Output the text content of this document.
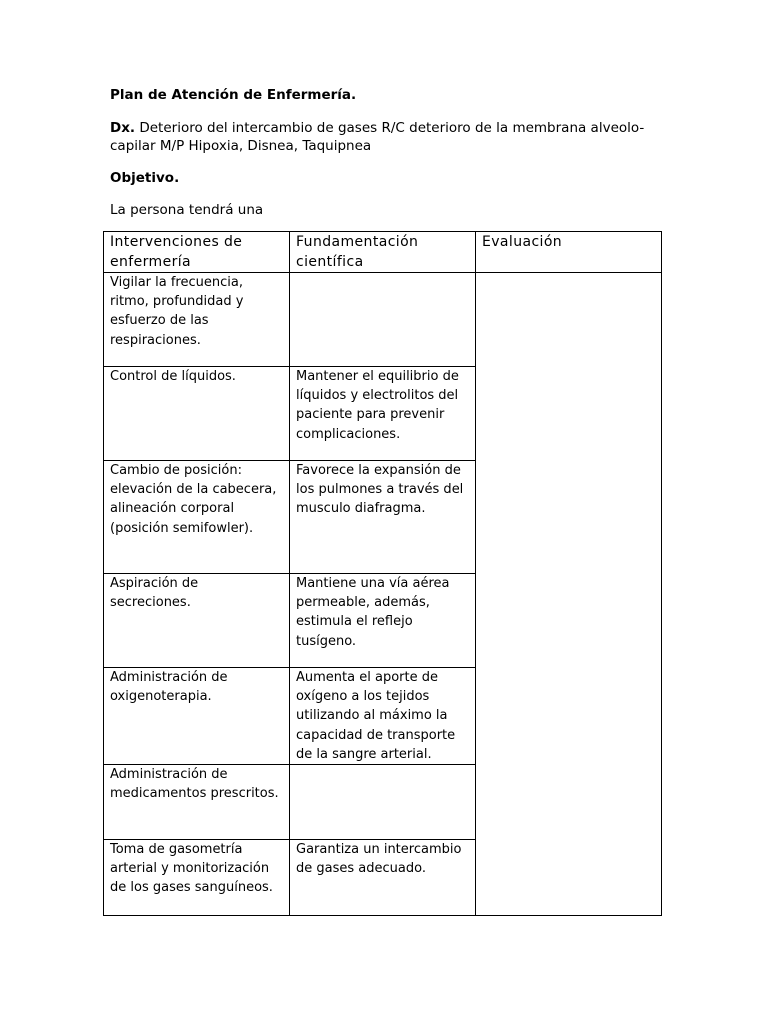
Plan de Atención de Enfermería.
Dx. Deterioro del intercambio de gases R/C deterioro de la membrana alveolo-capilar M/P Hipoxia, Disnea, Taquipnea
Objetivo.
La persona tendrá una
Intervenciones de enfermería	Fundamentación científica	Evaluación
Vigilar la frecuencia, ritmo, profundidad y esfuerzo de las respiraciones.		
Control de líquidos.	Mantener el equilibrio de líquidos y electrolitos del paciente para prevenir complicaciones.	
Cambio de posición: elevación de la cabecera, alineación corporal (posición semifowler).	Favorece la expansión de los pulmones a través del musculo diafragma.	
Aspiración de secreciones.	Mantiene una vía aérea permeable, además, estimula el reflejo tusígeno.	
Administración de oxigenoterapia.	Aumenta el aporte de oxígeno a los tejidos utilizando al máximo la capacidad de transporte de la sangre arterial.	
Administración de medicamentos prescritos.		
Toma de gasometría arterial y monitorización de los gases sanguíneos.	Garantiza un intercambio de gases adecuado.	
